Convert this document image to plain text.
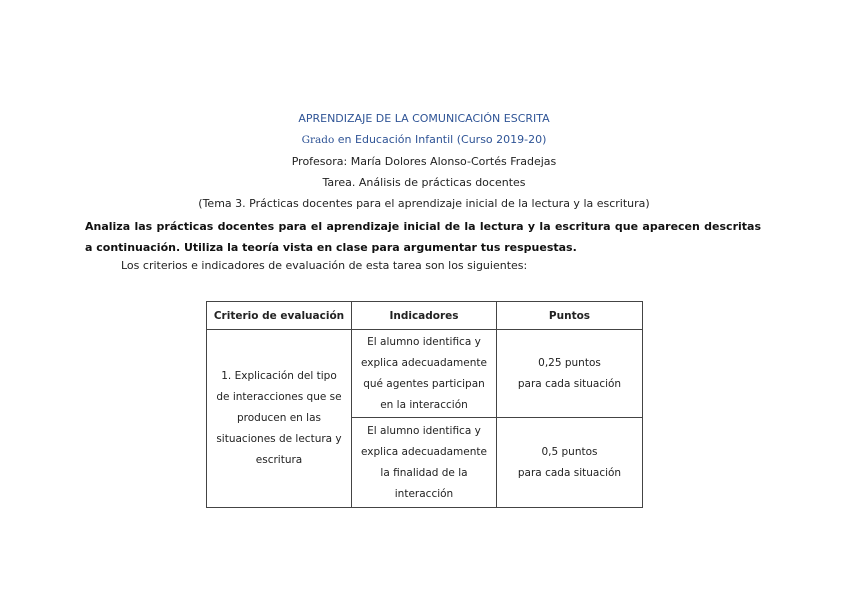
APRENDIZAJE DE LA COMUNICACIÓN ESCRITA
Grado en Educación Infantil (Curso 2019-20)
Profesora: María Dolores Alonso-Cortés Fradejas
Tarea. Análisis de prácticas docentes
(Tema 3. Prácticas docentes para el aprendizaje inicial de la lectura y la escritura)
Analiza las prácticas docentes para el aprendizaje inicial de la lectura y la escritura que aparecen descritas a continuación. Utiliza la teoría vista en clase para argumentar tus respuestas.
Los criterios e indicadores de evaluación de esta tarea son los siguientes:
Criterio de evaluación	Indicadores	Puntos

1. Explicación del tipo
de interacciones que se
producen en las
situaciones de lectura y
escritura	El alumno identifica y
explica adecuadamente
qué agentes participan
en la interacción	0,25 puntos
para cada situación

	El alumno identifica y
explica adecuadamente
la finalidad de la
interacción	0,5 puntos
para cada situación
